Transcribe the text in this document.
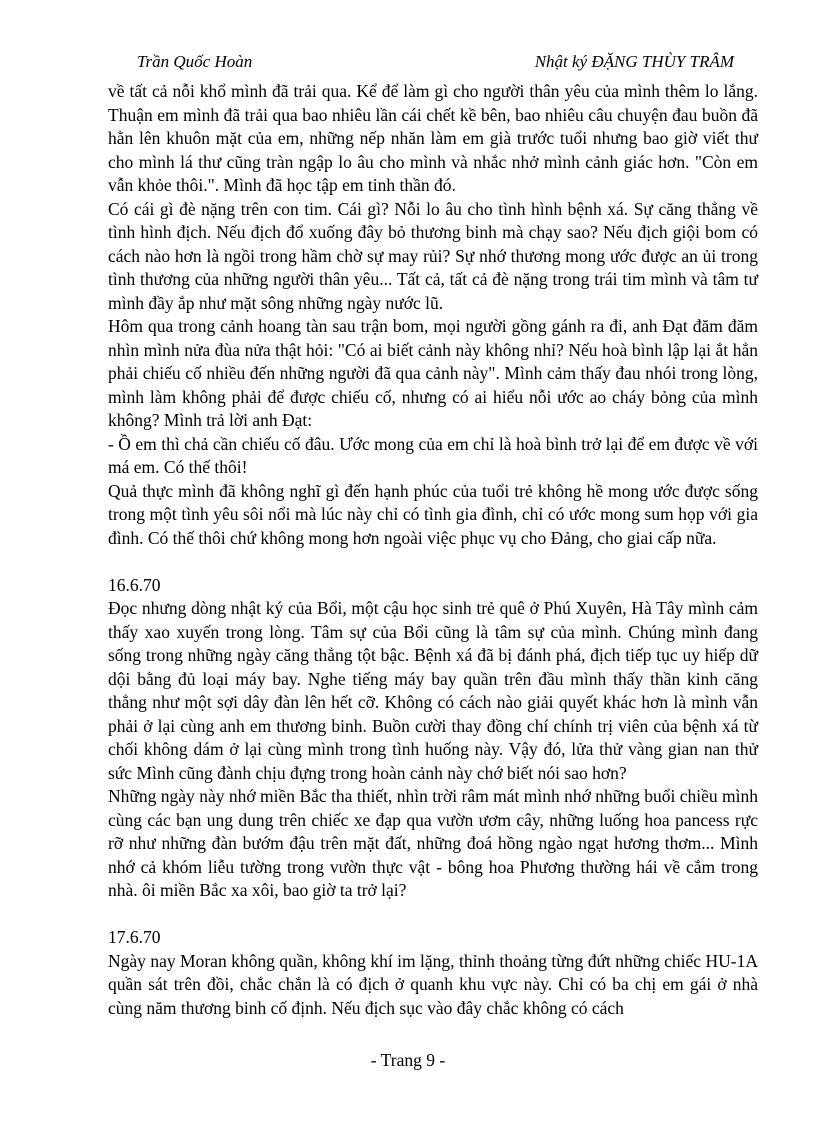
Trần Quốc Hoàn	Nhật ký ĐẶNG THÙY TRÂM

về tất cả nỗi khổ mình đã trải qua. Kể để làm gì cho người thân yêu của mình thêm lo lắng. Thuận em mình đã trải qua bao nhiêu lần cái chết kề bên, bao nhiêu câu chuyện đau buồn đã hằn lên khuôn mặt của em, những nếp nhăn làm em già trước tuổi nhưng bao giờ viết thư cho mình lá thư cũng tràn ngập lo âu cho mình và nhắc nhở mình cảnh giác hơn. "Còn em vẫn khỏe thôi.". Mình đã học tập em tinh thần đó.

Có cái gì đè nặng trên con tim. Cái gì? Nỗi lo âu cho tình hình bệnh xá. Sự căng thẳng về tình hình địch. Nếu địch đổ xuống đây bỏ thương binh mà chạy sao? Nếu địch giội bom có cách nào hơn là ngồi trong hầm chờ sự may rủi? Sự nhớ thương mong ước được an ủi trong tình thương của những người thân yêu... Tất cả, tất cả đè nặng trong trái tim mình và tâm tư mình đầy ắp như mặt sông những ngày nước lũ.

Hôm qua trong cảnh hoang tàn sau trận bom, mọi người gồng gánh ra đi, anh Đạt đăm đăm nhìn mình nửa đùa nửa thật hỏi: "Có ai biết cảnh này không nhỉ? Nếu hoà bình lập lại ắt hẳn phải chiếu cố nhiều đến những người đã qua cảnh này". Mình cảm thấy đau nhói trong lòng, mình làm không phải để được chiếu cố, nhưng có ai hiểu nỗi ước ao cháy bỏng của mình không? Mình trả lời anh Đạt:

- Ồ em thì chả cần chiếu cố đâu. Ước mong của em chỉ là hoà bình trở lại để em được về với má em. Có thế thôi!

Quả thực mình đã không nghĩ gì đến hạnh phúc của tuổi trẻ không hề mong ước được sống trong một tình yêu sôi nổi mà lúc này chỉ có tình gia đình, chỉ có ước mong sum họp với gia đình. Có thế thôi chứ không mong hơn ngoài việc phục vụ cho Đảng, cho giai cấp nữa.

16.6.70

Đọc nhưng dòng nhật ký của Bổi, một cậu học sinh trẻ quê ở Phú Xuyên, Hà Tây mình cảm thấy xao xuyến trong lòng. Tâm sự của Bổi cũng là tâm sự của mình. Chúng mình đang sống trong những ngày căng thẳng tột bậc. Bệnh xá đã bị đánh phá, địch tiếp tục uy hiếp dữ dội bằng đủ loại máy bay. Nghe tiếng máy bay quần trên đầu mình thấy thần kinh căng thẳng như một sợi dây đàn lên hết cỡ. Không có cách nào giải quyết khác hơn là mình vẫn phải ở lại cùng anh em thương binh. Buồn cười thay đồng chí chính trị viên của bệnh xá từ chối không dám ở lại cùng mình trong tình huống này. Vậy đó, lửa thử vàng gian nan thử sức Mình cũng đành chịu đựng trong hoàn cảnh này chớ biết nói sao hơn?

Những ngày này nhớ miền Bắc tha thiết, nhìn trời râm mát mình nhớ những buổi chiều mình cùng các bạn ung dung trên chiếc xe đạp qua vườn ươm cây, những luống hoa pancess rực rỡ như những đàn bướm đậu trên mặt đất, những đoá hồng ngào ngạt hương thơm... Mình nhớ cả khóm liễu tường trong vườn thực vật - bông hoa Phương thường hái về cắm trong nhà. ôi miền Bắc xa xôi, bao giờ ta trở lại?

17.6.70

Ngày nay Moran không quần, không khí im lặng, thỉnh thoảng từng đứt những chiếc HU-1A quần sát trên đồi, chắc chắn là có địch ở quanh khu vực này. Chỉ có ba chị em gái ở nhà cùng năm thương binh cố định. Nếu địch sục vào đây chắc không có cách

- Trang 9 -
